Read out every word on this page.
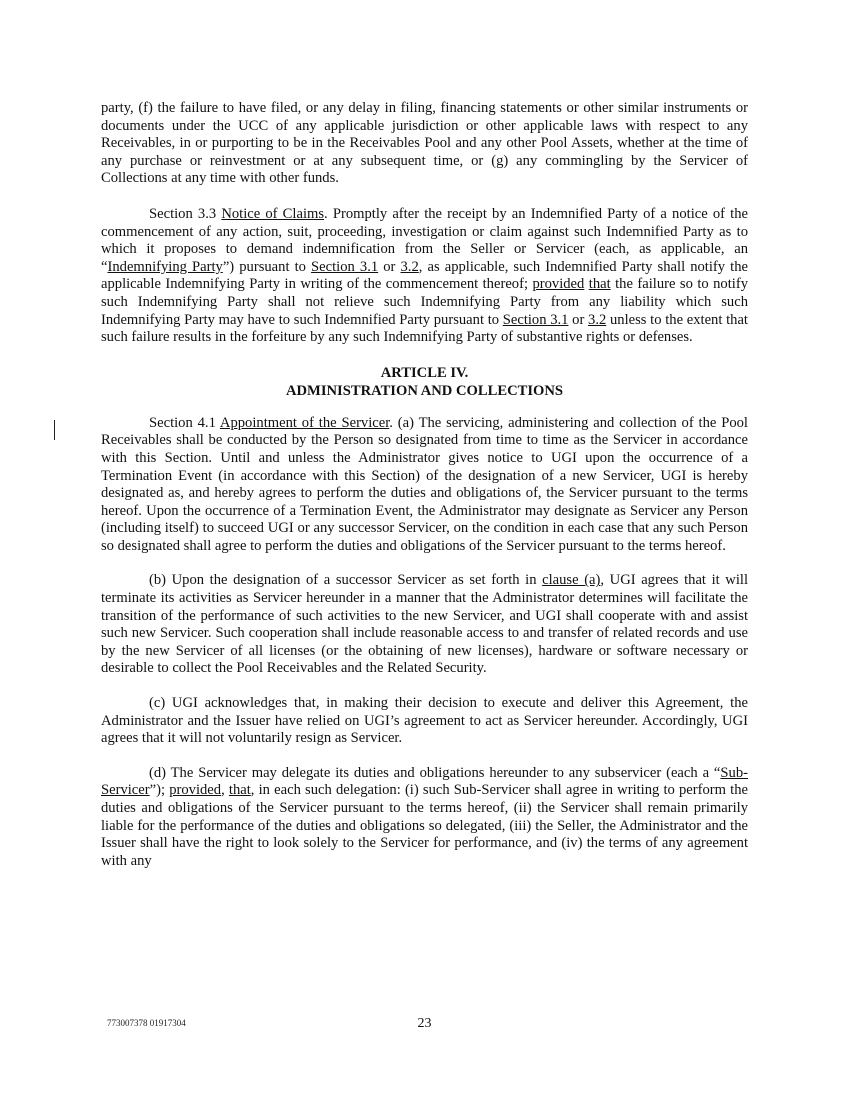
party, (f) the failure to have filed, or any delay in filing, financing statements or other similar instruments or documents under the UCC of any applicable jurisdiction or other applicable laws with respect to any Receivables, in or purporting to be in the Receivables Pool and any other Pool Assets, whether at the time of any purchase or reinvestment or at any subsequent time, or (g) any commingling by the Servicer of Collections at any time with other funds.

Section 3.3 Notice of Claims. Promptly after the receipt by an Indemnified Party of a notice of the commencement of any action, suit, proceeding, investigation or claim against such Indemnified Party as to which it proposes to demand indemnification from the Seller or Servicer (each, as applicable, an “Indemnifying Party”) pursuant to Section 3.1 or 3.2, as applicable, such Indemnified Party shall notify the applicable Indemnifying Party in writing of the commencement thereof; provided that the failure so to notify such Indemnifying Party shall not relieve such Indemnifying Party from any liability which such Indemnifying Party may have to such Indemnified Party pursuant to Section 3.1 or 3.2 unless to the extent that such failure results in the forfeiture by any such Indemnifying Party of substantive rights or defenses.

ARTICLE IV.
ADMINISTRATION AND COLLECTIONS

Section 4.1 Appointment of the Servicer. (a) The servicing, administering and collection of the Pool Receivables shall be conducted by the Person so designated from time to time as the Servicer in accordance with this Section. Until and unless the Administrator gives notice to UGI upon the occurrence of a Termination Event (in accordance with this Section) of the designation of a new Servicer, UGI is hereby designated as, and hereby agrees to perform the duties and obligations of, the Servicer pursuant to the terms hereof. Upon the occurrence of a Termination Event, the Administrator may designate as Servicer any Person (including itself) to succeed UGI or any successor Servicer, on the condition in each case that any such Person so designated shall agree to perform the duties and obligations of the Servicer pursuant to the terms hereof.

(b) Upon the designation of a successor Servicer as set forth in clause (a), UGI agrees that it will terminate its activities as Servicer hereunder in a manner that the Administrator determines will facilitate the transition of the performance of such activities to the new Servicer, and UGI shall cooperate with and assist such new Servicer. Such cooperation shall include reasonable access to and transfer of related records and use by the new Servicer of all licenses (or the obtaining of new licenses), hardware or software necessary or desirable to collect the Pool Receivables and the Related Security.

(c) UGI acknowledges that, in making their decision to execute and deliver this Agreement, the Administrator and the Issuer have relied on UGI’s agreement to act as Servicer hereunder. Accordingly, UGI agrees that it will not voluntarily resign as Servicer.

(d) The Servicer may delegate its duties and obligations hereunder to any subservicer (each a “Sub-Servicer”); provided, that, in each such delegation: (i) such Sub-Servicer shall agree in writing to perform the duties and obligations of the Servicer pursuant to the terms hereof, (ii) the Servicer shall remain primarily liable for the performance of the duties and obligations so delegated, (iii) the Seller, the Administrator and the Issuer shall have the right to look solely to the Servicer for performance, and (iv) the terms of any agreement with any

773007378 01917304	23
